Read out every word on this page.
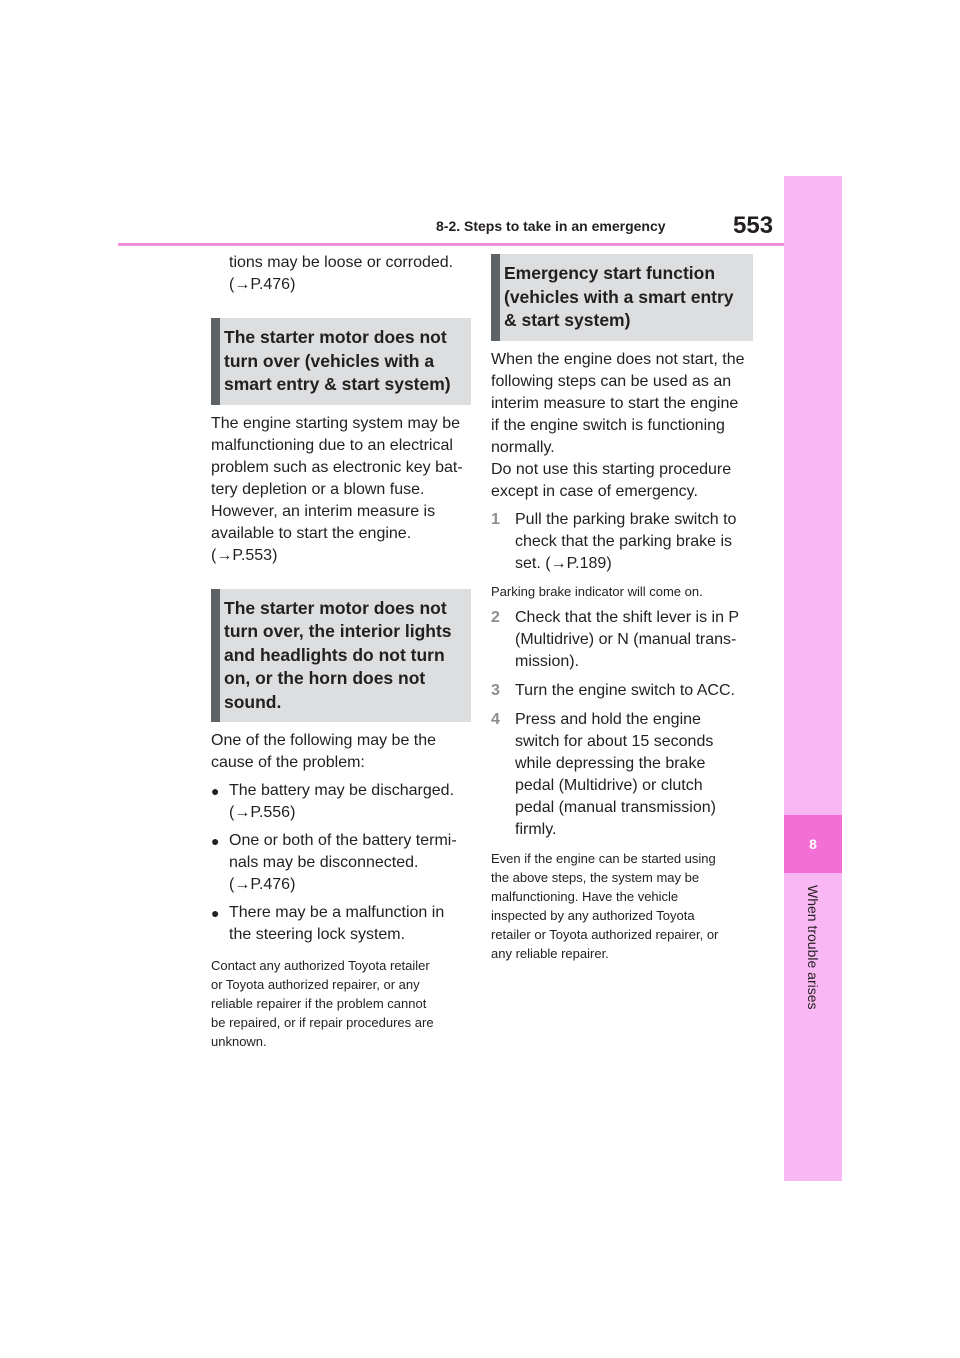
8
When trouble arises
8-2. Steps to take in an emergency	553

tions may be loose or corroded.

(→P.476)

The starter motor does not
turn over (vehicles with a
smart entry & start system)

The engine starting system may be

malfunctioning due to an electrical

problem such as electronic key bat-

tery depletion or a blown fuse.

However, an interim measure is

available to start the engine.

(→P.553)

The starter motor does not
turn over, the interior lights
and headlights do not turn
on, or the horn does not
sound.

One of the following may be the

cause of the problem:

● The battery may be discharged.

(→P.556)

● One or both of the battery termi-

nals may be disconnected.

(→P.476)

● There may be a malfunction in

the steering lock system.

Contact any authorized Toyota retailer

or Toyota authorized repairer, or any

reliable repairer if the problem cannot

be repaired, or if repair procedures are

unknown.

Emergency start function
(vehicles with a smart entry
& start system)

When the engine does not start, the

following steps can be used as an

interim measure to start the engine

if the engine switch is functioning

normally.

Do not use this starting procedure

except in case of emergency.

1 Pull the parking brake switch to

check that the parking brake is

set. (→P.189)

Parking brake indicator will come on.

2 Check that the shift lever is in P

(Multidrive) or N (manual trans-

mission).

3 Turn the engine switch to ACC.

4 Press and hold the engine

switch for about 15 seconds

while depressing the brake

pedal (Multidrive) or clutch

pedal (manual transmission)

firmly.

Even if the engine can be started using

the above steps, the system may be

malfunctioning. Have the vehicle

inspected by any authorized Toyota

retailer or Toyota authorized repairer, or

any reliable repairer.
